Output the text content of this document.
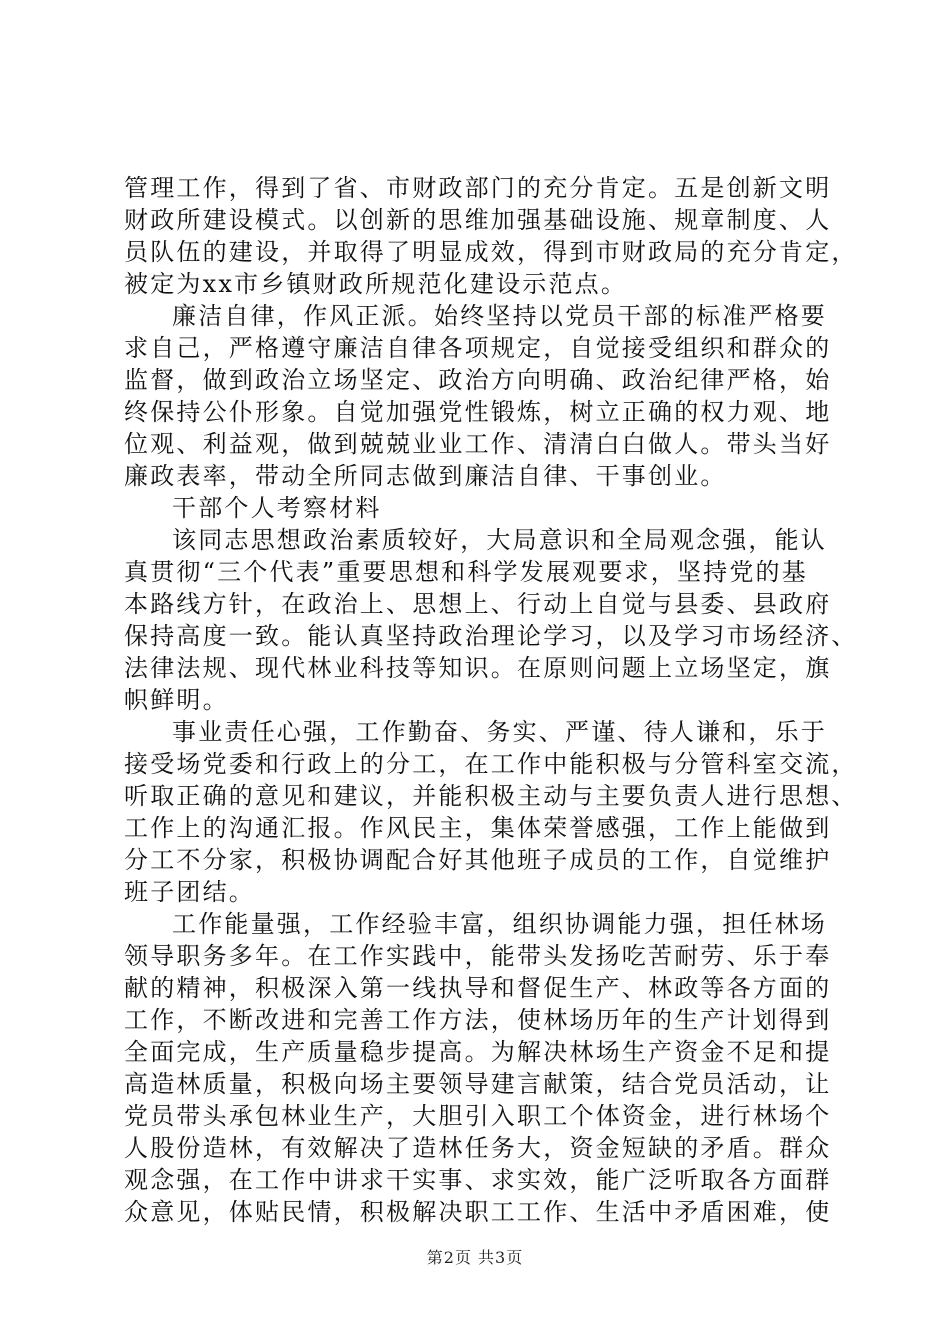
管理工作，得到了省、市财政部门的充分肯定。五是创新文明
财政所建设模式。以创新的思维加强基础设施、规章制度、人
员队伍的建设，并取得了明显成效，得到市财政局的充分肯定，
被定为xx市乡镇财政所规范化建设示范点。
廉洁自律，作风正派。始终坚持以党员干部的标准严格要
求自己，严格遵守廉洁自律各项规定，自觉接受组织和群众的
监督，做到政治立场坚定、政治方向明确、政治纪律严格，始
终保持公仆形象。自觉加强党性锻炼，树立正确的权力观、地
位观、利益观，做到兢兢业业工作、清清白白做人。带头当好
廉政表率，带动全所同志做到廉洁自律、干事创业。
干部个人考察材料
该同志思想政治素质较好，大局意识和全局观念强，能认
真贯彻“三个代表”重要思想和科学发展观要求，坚持党的基
本路线方针，在政治上、思想上、行动上自觉与县委、县政府
保持高度一致。能认真坚持政治理论学习，以及学习市场经济、
法律法规、现代林业科技等知识。在原则问题上立场坚定，旗
帜鲜明。
事业责任心强，工作勤奋、务实、严谨、待人谦和，乐于
接受场党委和行政上的分工，在工作中能积极与分管科室交流，
听取正确的意见和建议，并能积极主动与主要负责人进行思想、
工作上的沟通汇报。作风民主，集体荣誉感强，工作上能做到
分工不分家，积极协调配合好其他班子成员的工作，自觉维护
班子团结。
工作能量强，工作经验丰富，组织协调能力强，担任林场
领导职务多年。在工作实践中，能带头发扬吃苦耐劳、乐于奉
献的精神，积极深入第一线执导和督促生产、林政等各方面的
工作，不断改进和完善工作方法，使林场历年的生产计划得到
全面完成，生产质量稳步提高。为解决林场生产资金不足和提
高造林质量，积极向场主要领导建言献策，结合党员活动，让
党员带头承包林业生产，大胆引入职工个体资金，进行林场个
人股份造林，有效解决了造林任务大，资金短缺的矛盾。群众
观念强，在工作中讲求干实事、求实效，能广泛听取各方面群
众意见，体贴民情，积极解决职工工作、生活中矛盾困难，使
第2页 共3页
